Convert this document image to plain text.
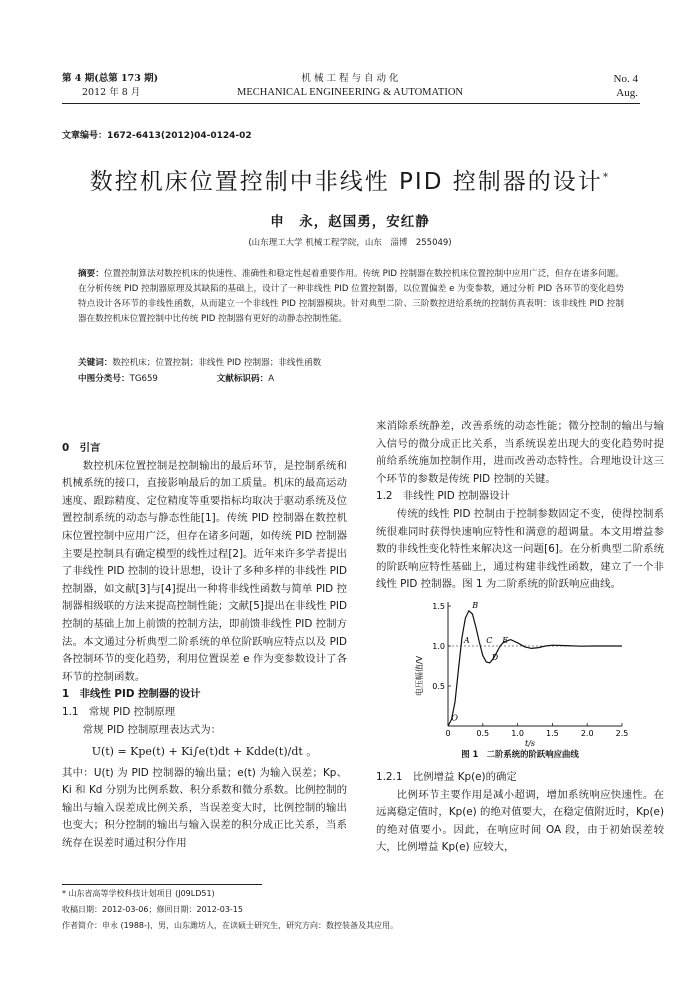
第 4 期(总第 173 期)
2012 年 8 月
机 械 工 程 与 自 动 化
MECHANICAL ENGINEERING & AUTOMATION
No. 4
Aug.
文章编号：1672-6413(2012)04-0124-02
数控机床位置控制中非线性 PID 控制器的设计*
申　永，赵国勇，安红静
(山东理工大学 机械工程学院，山东　淄博　255049)
摘要：位置控制算法对数控机床的快速性、准确性和稳定性起着重要作用。传统 PID 控制器在数控机床位置控制中应用广泛，但存在诸多问题。在分析传统 PID 控制器原理及其缺陷的基础上，设计了一种非线性 PID 位置控制器，以位置偏差 e 为变参数，通过分析 PID 各环节的变化趋势特点设计各环节的非线性函数，从而建立一个非线性 PID 控制器模块。针对典型二阶、三阶数控进给系统的控制仿真表明：该非线性 PID 控制器在数控机床位置控制中比传统 PID 控制器有更好的动静态控制性能。
关键词：数控机床；位置控制；非线性 PID 控制器；非线性函数
中图分类号：TG659	文献标识码：A
0　引言

数控机床位置控制是控制输出的最后环节，是控制系统和机械系统的接口，直接影响最后的加工质量。机床的最高运动速度、跟踪精度、定位精度等重要指标均取决于驱动系统及位置控制系统的动态与静态性能[1]。传统 PID 控制器在数控机床位置控制中应用广泛，但存在诸多问题，如传统 PID 控制器主要是控制具有确定模型的线性过程[2]。近年来许多学者提出了非线性 PID 控制的设计思想，设计了多种多样的非线性 PID 控制器，如文献[3]与[4]提出一种将非线性函数与简单 PID 控制器相级联的方法来提高控制性能；文献[5]提出在非线性 PID 控制的基础上加上前馈的控制方法，即前馈非线性 PID 控制方法。本文通过分析典型二阶系统的单位阶跃响应特点以及 PID 各控制环节的变化趋势，利用位置误差 e 作为变参数设计了各环节的控制函数。

1　非线性 PID 控制器的设计
1.1　常规 PID 控制原理

常规 PID 控制原理表达式为：

U(t) = Kpe(t) + Ki∫e(t)dt + Kdde(t)/dt 。

其中：U(t) 为 PID 控制器的输出量；e(t) 为输入误差；Kp、Ki 和 Kd 分别为比例系数、积分系数和微分系数。比例控制的输出与输入误差成比例关系，当误差变大时，比例控制的输出也变大；积分控制的输出与输入误差的积分成正比关系，当系统存在误差时通过积分作用

来消除系统静差，改善系统的动态性能；微分控制的输出与输入信号的微分成正比关系，当系统误差出现大的变化趋势时提前给系统施加控制作用，进而改善动态特性。合理地设计这三个环节的参数是传统 PID 控制的关键。

1.2　非线性 PID 控制器设计

传统的线性 PID 控制由于控制参数固定不变，使得控制系统很难同时获得快速响应特性和满意的超调量。本文用增益参数的非线性变化特性来解决这一问题[6]。在分析典型二阶系统的阶跃响应特性基础上，通过构建非线性函数，建立了一个非线性 PID 控制器。图 1 为二阶系统的阶跃响应曲线。

0	0.5	1.0	1.5	2.0	2.5
0.5
1.0
1.5
O
A
B
C
D
E
电压幅值/V
t/s
图 1　二阶系统的阶跃响应曲线
1.2.1　比例增益 Kp(e)的确定

比例环节主要作用是减小超调，增加系统响应快速性。在远离稳定值时，Kp(e) 的绝对值要大，在稳定值附近时，Kp(e) 的绝对值要小。因此，在响应时间 OA 段，由于初始误差较大，比例增益 Kp(e) 应较大，

* 山东省高等学校科技计划项目 (J09LD51)
收稿日期：2012-03-06；修回日期：2012-03-15
作者简介：申永 (1988-)，男，山东潍坊人，在读硕士研究生，研究方向：数控装备及其应用。
